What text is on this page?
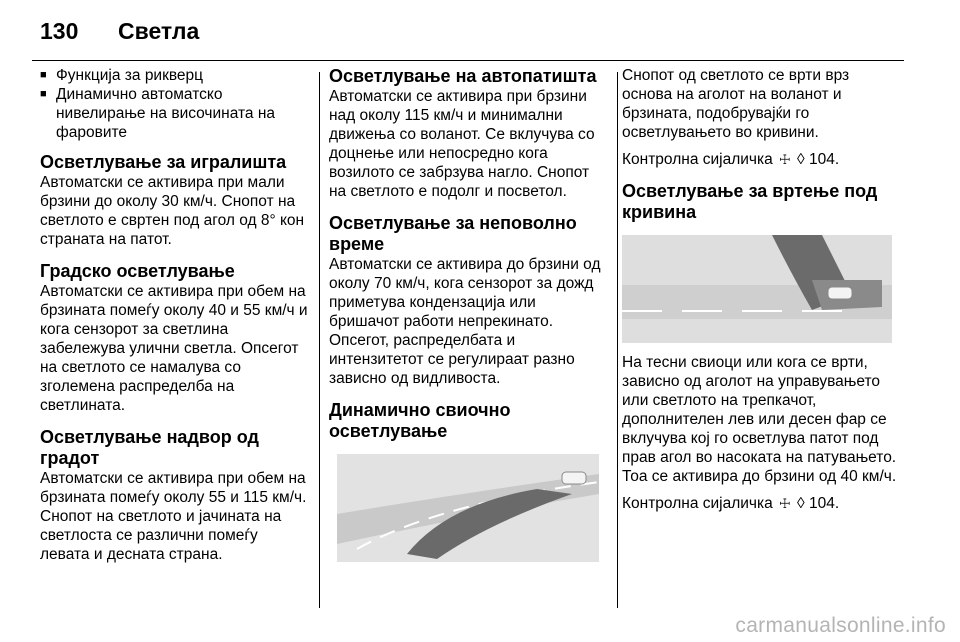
130 Светла
■ Функција за рикверц
■ Динамично автоматско нивелирање на височината на фаровите
Осветлување за игралишта

Автоматски се активира при мали брзини до околу 30 км/ч. Снопот на светлото е свртен под агол од 8° кон страната на патот.

Градско осветлување

Автоматски се активира при обем на брзината помеѓу околу 40 и 55 км/ч и кога сензорот за светлина забележува улични светла. Опсегот на светлото се намалува со зголемена распределба на светлината.

Осветлување надвор од градот

Автоматски се активира при обем на брзината помеѓу околу 55 и 115 км/ч. Снопот на светлото и јачината на светлоста се различни помеѓу левата и десната страна.

Осветлување на автопатишта

Автоматски се активира при брзини над околу 115 км/ч и минимални движења со воланот. Се вклучува со доцнење или непосредно кога возилото се забрзува нагло. Снопот на светлото е подолг и посветол.

Осветлување за неповолно време

Автоматски се активира до брзини од околу 70 км/ч, кога сензорот за дожд приметува кондензација или бришачот работи непрекинато. Опсегот, распределбата и интензитетот се регулираат разно зависно од видливоста.

Динамично свиочно осветлување

Снопот од светлото се врти врз основа на аголот на воланот и брзината, подобрувајќи го осветлувањето во кривини.

Контролна сијаличка ☩ ◊ 104.

Осветлување за вртење под кривина

На тесни свиоци или кога се врти, зависно од аголот на управувањето или светлото на трепкачот, дополнителен лев или десен фар се вклучува кој го осветлува патот под прав агол во насоката на патувањето. Тоа се активира до брзини од 40 км/ч.

Контролна сијаличка ☩ ◊ 104.

carmanualsonline.info
